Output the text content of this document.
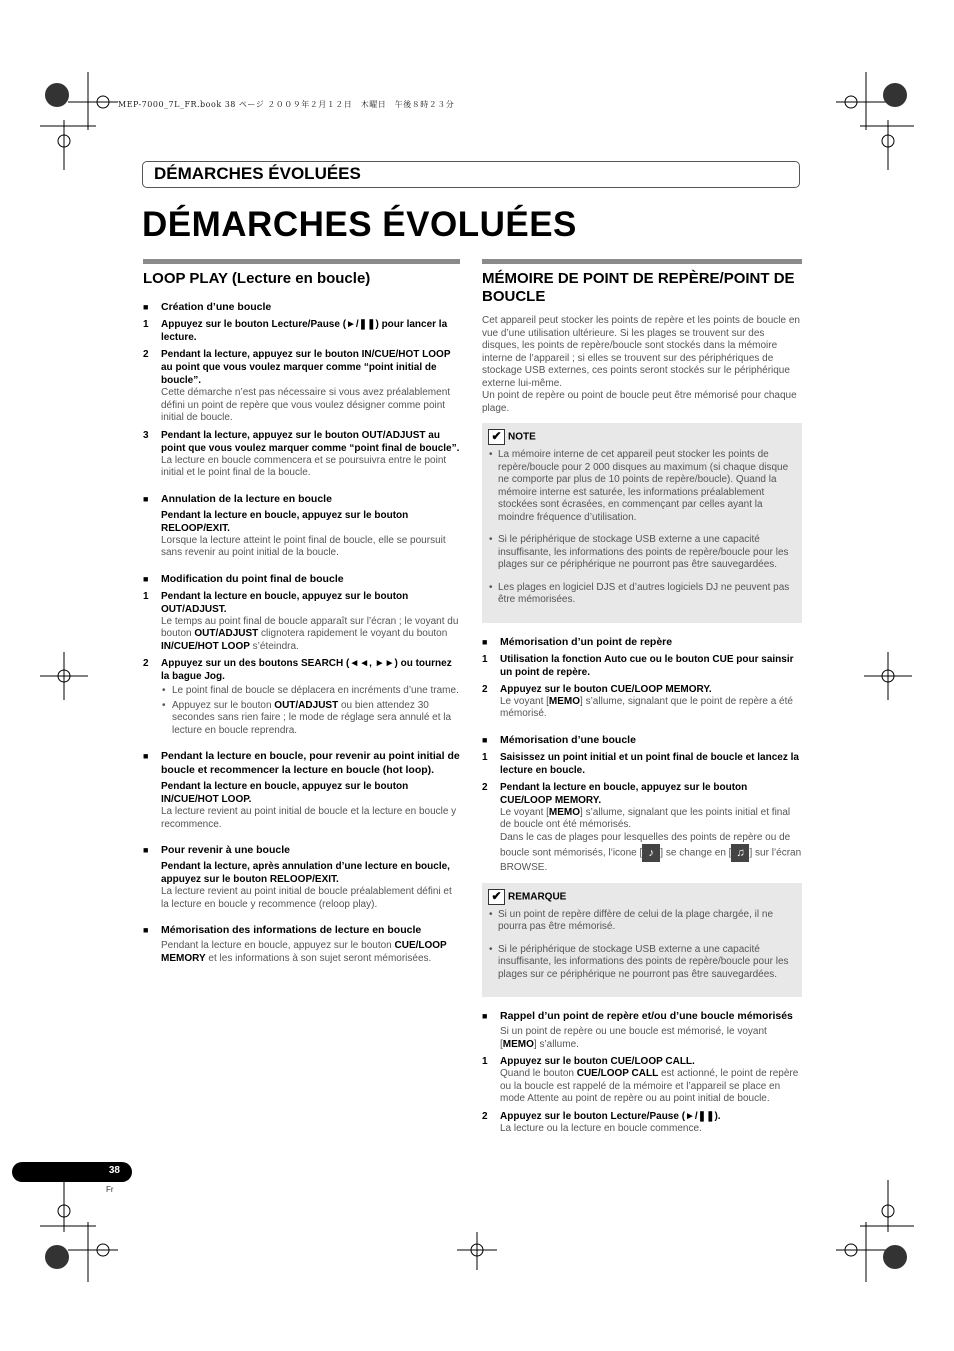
MEP-7000_7L_FR.book 38 ページ ２００９年２月１２日　木曜日　午後８時２３分
DÉMARCHES ÉVOLUÉES
DÉMARCHES ÉVOLUÉES
LOOP PLAY (Lecture en boucle)
■ Création d’une boucle
1 Appuyez sur le bouton Lecture/Pause (►/❚❚) pour lancer la lecture.
2 Pendant la lecture, appuyez sur le bouton IN/CUE/HOT LOOP au point que vous voulez marquer comme “point initial de boucle”.

Cette démarche n’est pas nécessaire si vous avez préalablement défini un point de repère que vous voulez désigner comme point initial de boucle.

3 Pendant la lecture, appuyez sur le bouton OUT/ADJUST au point que vous voulez marquer comme “point final de boucle”.

La lecture en boucle commencera et se poursuivra entre le point initial et le point final de la boucle.

■ Annulation de la lecture en boucle
Pendant la lecture en boucle, appuyez sur le bouton RELOOP/EXIT.

Lorsque la lecture atteint le point final de boucle, elle se poursuit sans revenir au point initial de la boucle.

■ Modification du point final de boucle
1 Pendant la lecture en boucle, appuyez sur le bouton OUT/ADJUST.

Le temps au point final de boucle apparaît sur l’écran ; le voyant du bouton OUT/ADJUST clignotera rapidement le voyant du bouton IN/CUE/HOT LOOP s’éteindra.

2 Appuyez sur un des boutons SEARCH (◄◄, ►►) ou tournez la bague Jog.

• Le point final de boucle se déplacera en incréments d’une trame.

• Appuyez sur le bouton OUT/ADJUST ou bien attendez 30 secondes sans rien faire ; le mode de réglage sera annulé et la lecture en boucle reprendra.

■ Pendant la lecture en boucle, pour revenir au point initial de boucle et recommencer la lecture en boucle (hot loop).
Pendant la lecture en boucle, appuyez sur le bouton IN/CUE/HOT LOOP.

La lecture revient au point initial de boucle et la lecture en boucle y recommence.

■ Pour revenir à une boucle
Pendant la lecture, après annulation d’une lecture en boucle, appuyez sur le bouton RELOOP/EXIT.

La lecture revient au point initial de boucle préalablement défini et la lecture en boucle y recommence (reloop play).

■ Mémorisation des informations de lecture en boucle

Pendant la lecture en boucle, appuyez sur le bouton CUE/LOOP MEMORY et les informations à son sujet seront mémorisées.

MÉMOIRE DE POINT DE REPÈRE/POINT DE BOUCLE

Cet appareil peut stocker les points de repère et les points de boucle en vue d’une utilisation ultérieure. Si les plages se trouvent sur des disques, les points de repère/boucle sont stockés dans la mémoire interne de l’appareil ; si elles se trouvent sur des périphériques de stockage USB externes, ces points seront stockés sur le périphérique externe lui-même.

Un point de repère ou point de boucle peut être mémorisé pour chaque plage.

✔ NOTE

• La mémoire interne de cet appareil peut stocker les points de repère/boucle pour 2 000 disques au maximum (si chaque disque ne comporte par plus de 10 points de repère/boucle). Quand la mémoire interne est saturée, les informations préalablement stockées sont écrasées, en commençant par celles ayant la moindre fréquence d’utilisation.

• Si le périphérique de stockage USB externe a une capacité insuffisante, les informations des points de repère/boucle pour les plages sur ce périphérique ne pourront pas être sauvegardées.

• Les plages en logiciel DJS et d’autres logiciels DJ ne peuvent pas être mémorisées.

■ Mémorisation d’un point de repère
1 Utilisation la fonction Auto cue ou le bouton CUE pour sainsir un point de repère.
2 Appuyez sur le bouton CUE/LOOP MEMORY.

Le voyant [MEMO] s’allume, signalant que le point de repère a été mémorisé.

■ Mémorisation d’une boucle
1 Saisissez un point initial et un point final de boucle et lancez la lecture en boucle.
2 Pendant la lecture en boucle, appuyez sur le bouton CUE/LOOP MEMORY.

Le voyant [MEMO] s’allume, signalant que les points initial et final de boucle ont été mémorisés.

Dans le cas de plages pour lesquelles des points de repère ou de boucle sont mémorisés, l’icone [ ♪ ] se change en [ ♫ ] sur l’écran BROWSE.

✔ REMARQUE

• Si un point de repère diffère de celui de la plage chargée, il ne pourra pas être mémorisé.

• Si le périphérique de stockage USB externe a une capacité insuffisante, les informations des points de repère/boucle pour les plages sur ce périphérique ne pourront pas être sauvegardées.

■ Rappel d’un point de repère et/ou d’une boucle mémorisés

Si un point de repère ou une boucle est mémorisé, le voyant [MEMO] s’allume.

1 Appuyez sur le bouton CUE/LOOP CALL.

Quand le bouton CUE/LOOP CALL est actionné, le point de repère ou la boucle est rappelé de la mémoire et l’appareil se place en mode Attente au point de repère ou au point initial de boucle.

2 Appuyez sur le bouton Lecture/Pause (►/❚❚).

La lecture ou la lecture en boucle commence.

38
Fr
